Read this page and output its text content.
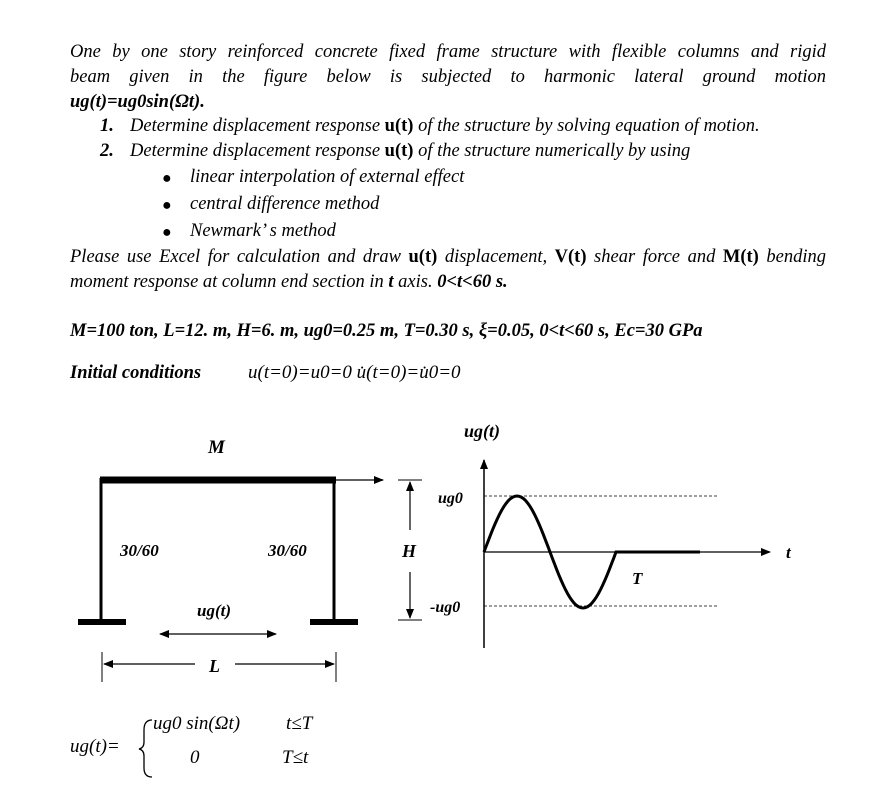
One by one story reinforced concrete fixed frame structure with flexible columns and rigid
beam given in the figure below is subjected to harmonic lateral ground motion
ug(t)=ug0sin(Ωt).
1. Determine displacement response u(t) of the structure by solving equation of motion.
2. Determine displacement response u(t) of the structure numerically by using
● linear interpolation of external effect
● central difference method
● Newmark’ s method
Please use Excel for calculation and draw u(t) displacement, V(t) shear force and M(t) bending
moment response at column end section in t axis. 0<t<60 s.
M=100 ton, L=12. m, H=6. m, ug0=0.25 m, T=0.30 s, ξ=0.05, 0<t<60 s, Ec=30 GPa
Initial conditions u(t=0)=u0=0 u̇(t=0)=u̇0=0
M
30/60	30/60
ug(t)
L
H
ug(t)
t
ug0
-ug0
T
ug(t)=
ug0 sin(Ωt) t≤T
0	T≤t
